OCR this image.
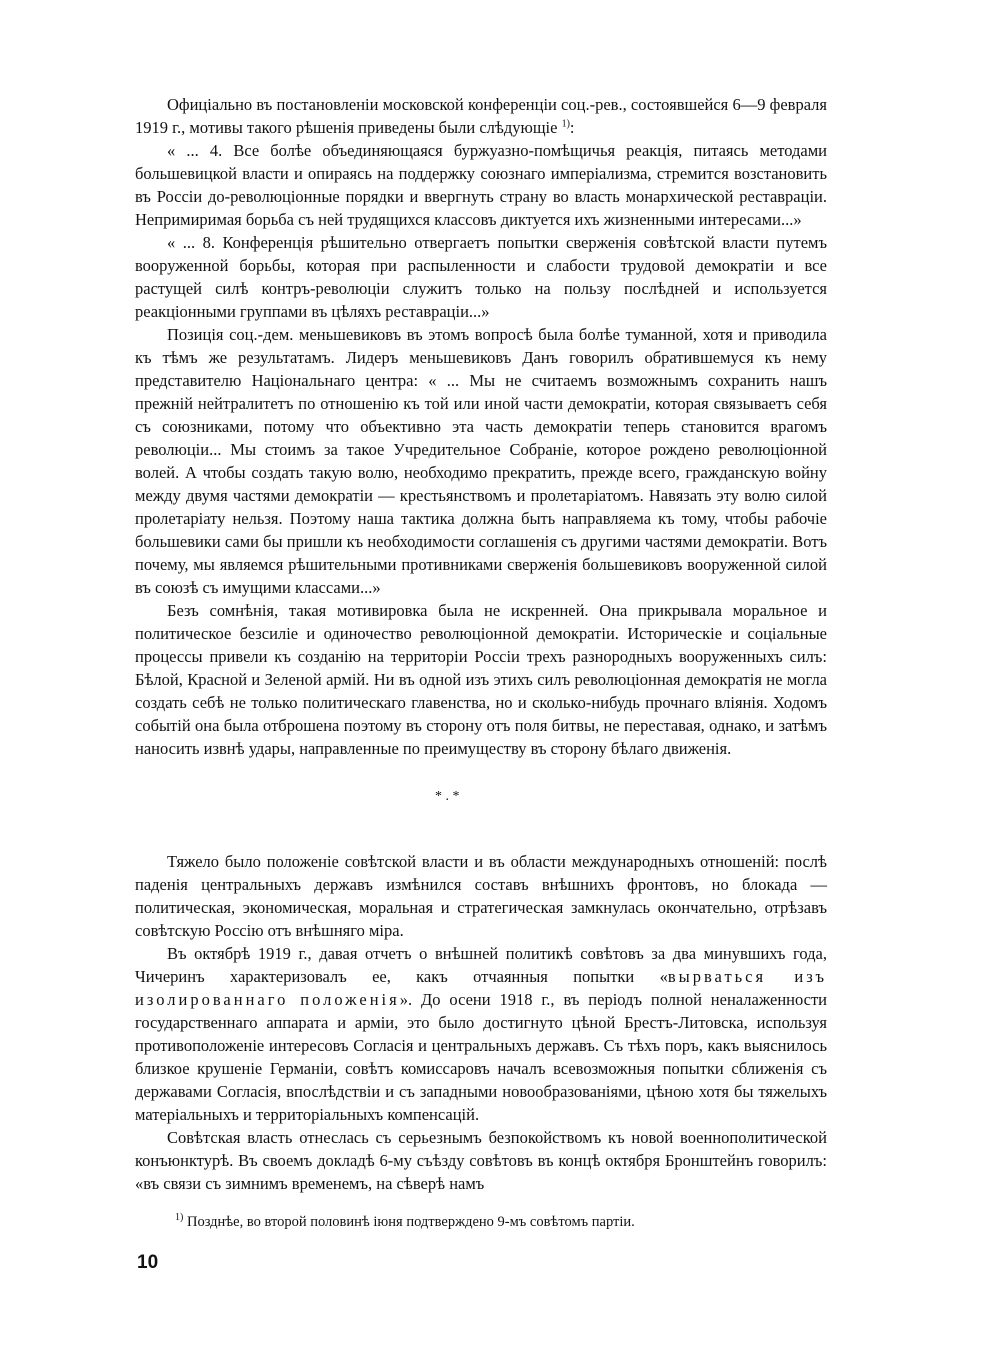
Офиціально въ постановленіи московской конференціи соц.-рев., состоявшейся 6—9 февраля 1919 г., мотивы такого рѣшенія приведены были слѣдующіе $^{1)}$:

« ... 4. Все болѣе объединяющаяся буржуазно-помѣщичья реакція, питаясь методами большевицкой власти и опираясь на поддержку союзнаго имперіализма, стремится возстановить въ Россіи до-революціонные порядки и ввергнуть страну во власть монархической реставраціи. Непримиримая борьба съ ней трудящихся классовъ диктуется ихъ жизненными интересами...»

« ... 8. Конференція рѣшительно отвергаетъ попытки сверженія совѣтской власти путемъ вооруженной борьбы, которая при распыленности и слабости трудовой демократіи и все растущей силѣ контръ-революціи служитъ только на пользу послѣдней и используется реакціонными группами въ цѣляхъ реставраціи...»

Позиція соц.-дем. меньшевиковъ въ этомъ вопросѣ была болѣе туманной, хотя и приводила къ тѣмъ же результатамъ. Лидеръ меньшевиковъ Данъ говорилъ обратившемуся къ нему представителю Національнаго центра: « ... Мы не считаемъ возможнымъ сохранить нашъ прежній нейтралитетъ по отношенію къ той или иной части демократіи, которая связываетъ себя съ союзниками, потому что объективно эта часть демократіи теперь становится врагомъ революціи... Мы стоимъ за такое Учредительное Собраніе, которое рождено революціонной волей. А чтобы создать такую волю, необходимо прекратить, прежде всего, гражданскую войну между двумя частями демократіи — крестьянствомъ и пролетаріатомъ. Навязать эту волю силой пролетаріату нельзя. Поэтому наша тактика должна быть направляема къ тому, чтобы рабочіе большевики сами бы пришли къ необходимости соглашенія съ другими частями демократіи. Вотъ почему, мы являемся рѣшительными противниками сверженія большевиковъ вооруженной силой въ союзѣ съ имущими классами...»

Безъ сомнѣнія, такая мотивировка была не искренней. Она прикрывала моральное и политическое безсиліе и одиночество революціонной демократіи. Историческіе и соціальные процессы привели къ созданію на территоріи Россіи трехъ разнородныхъ вооруженныхъ силъ: Бѣлой, Красной и Зеленой армій. Ни въ одной изъ этихъ силъ революціонная демократія не могла создать себѣ не только политическаго главенства, но и сколько-нибудь прочнаго вліянія. Ходомъ событій она была отброшена поэтому въ сторону отъ поля битвы, не переставая, однако, и затѣмъ наносить извнѣ удары, направленные по преимуществу въ сторону бѣлаго движенія.

* . *

Тяжело было положеніе совѣтской власти и въ области международныхъ отношеній: послѣ паденія центральныхъ державъ измѣнился составъ внѣшнихъ фронтовъ, но блокада — политическая, экономическая, моральная и стратегическая замкнулась окончательно, отрѣзавъ совѣтскую Россію отъ внѣшняго міра.

Въ октябрѣ 1919 г., давая отчетъ о внѣшней политикѣ совѣтовъ за два минувшихъ года, Чичеринъ характеризовалъ ее, какъ отчаянныя попытки «вырваться изъ изолированнаго положенія». До осени 1918 г., въ періодъ полной неналаженности государственнаго аппарата и арміи, это было достигнуто цѣной Брестъ-Литовска, используя противоположеніе интересовъ Согласія и центральныхъ державъ. Съ тѣхъ поръ, какъ выяснилось близкое крушеніе Германіи, совѣтъ комиссаровъ началъ всевозможныя попытки сближенія съ державами Согласія, впослѣдствіи и съ западными новообразованіями, цѣною хотя бы тяжелыхъ матеріальныхъ и территоріальныхъ компенсацій.

Совѣтская власть отнеслась съ серьезнымъ безпокойствомъ къ новой военнополитической конъюнктурѣ. Въ своемъ докладѣ 6-му съѣзду совѣтовъ въ концѣ октября Бронштейнъ говорилъ: «въ связи съ зимнимъ временемъ, на сѣверѣ намъ

$^{1)}$ Позднѣе, во второй половинѣ іюня подтверждено 9-мъ совѣтомъ партіи.

10
